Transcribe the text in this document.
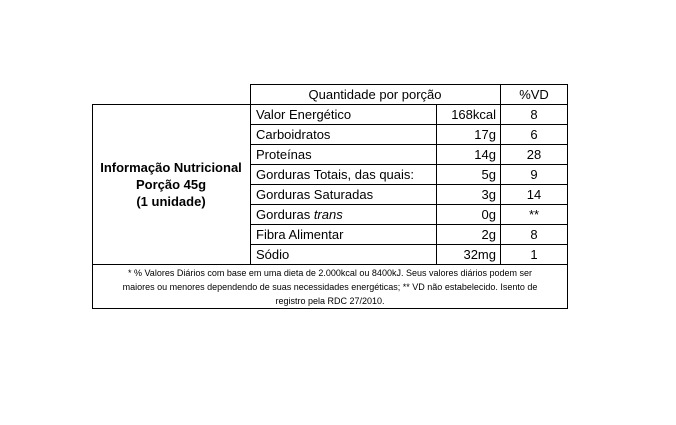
Quantidade por porção	%VD
Informação Nutricional
Porção 45g
(1 unidade)
Valor Energético	168kcal	8
Carboidratos	17g	6
Proteínas	14g	28
Gorduras Totais, das quais:	5g	9
Gorduras Saturadas	3g	14
Gorduras trans	0g	**
Fibra Alimentar	2g	8
Sódio	32mg	1
* % Valores Diários com base em uma dieta de 2.000kcal ou 8400kJ. Seus valores diários podem ser
maiores ou menores dependendo de suas necessidades energéticas; ** VD não estabelecido. Isento de
registro pela RDC 27/2010.
